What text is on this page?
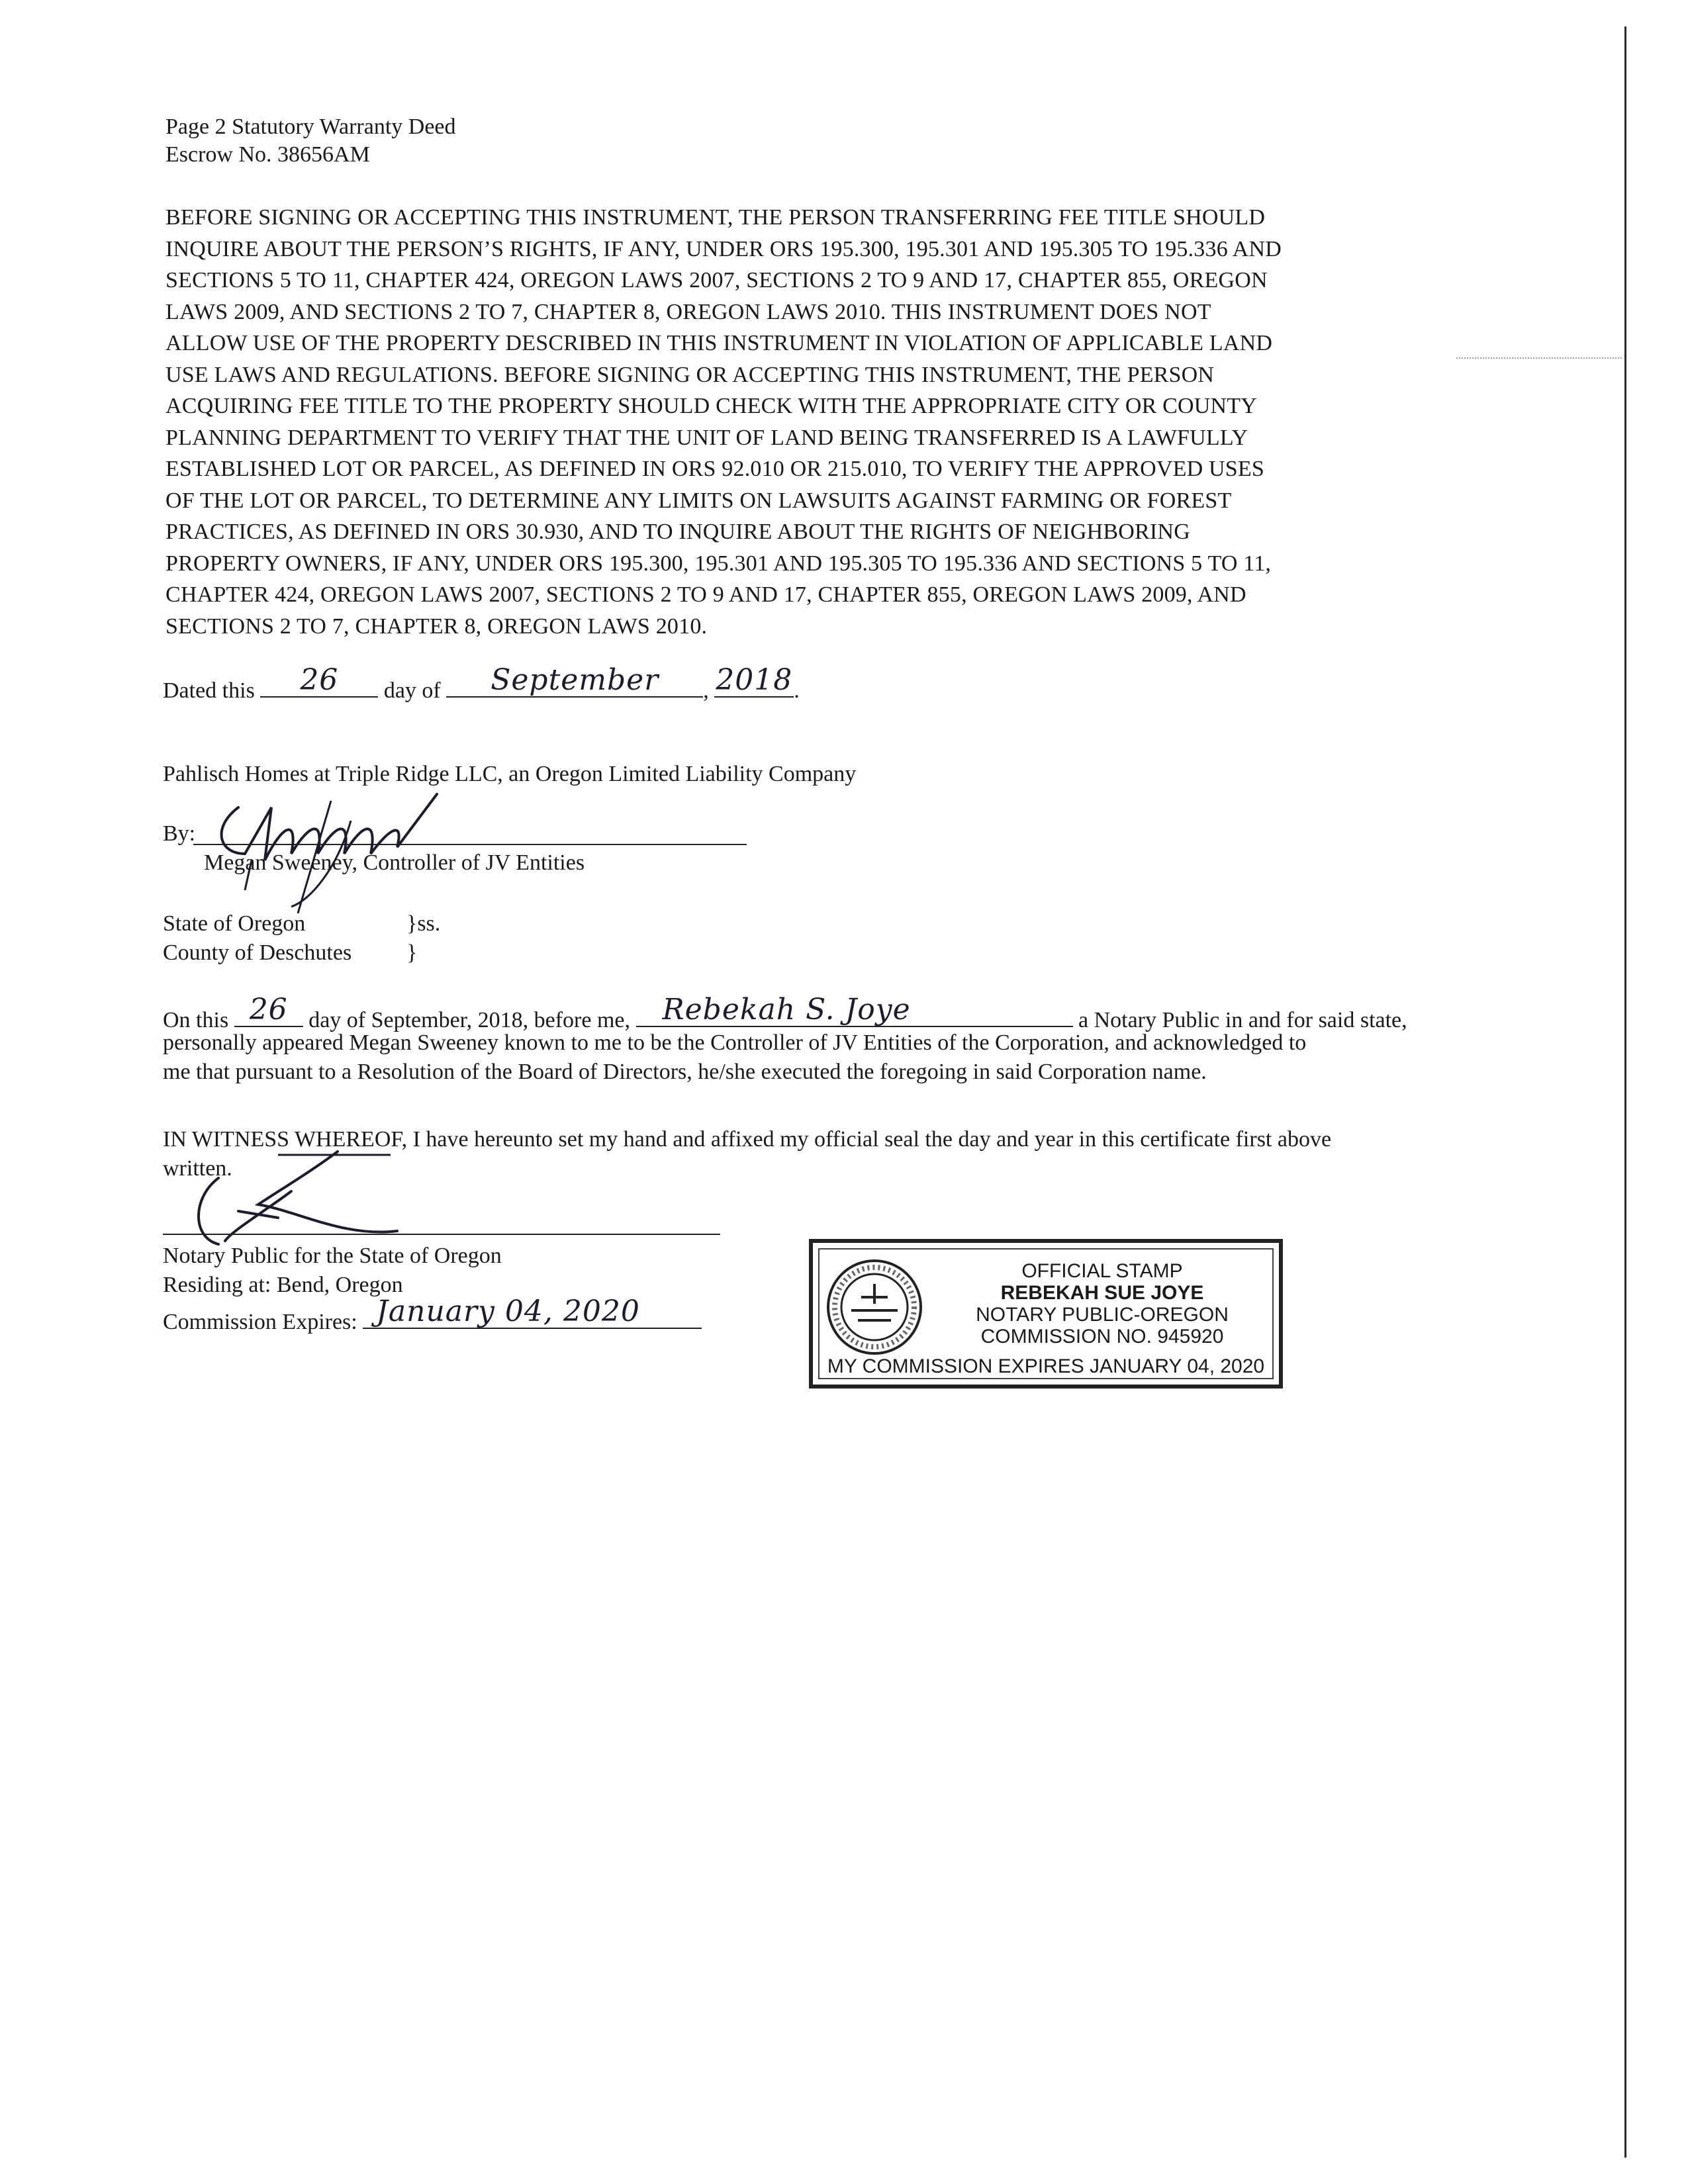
Page 2 Statutory Warranty Deed
Escrow No. 38656AM
BEFORE SIGNING OR ACCEPTING THIS INSTRUMENT, THE PERSON TRANSFERRING FEE TITLE SHOULD
INQUIRE ABOUT THE PERSON’S RIGHTS, IF ANY, UNDER ORS 195.300, 195.301 AND 195.305 TO 195.336 AND
SECTIONS 5 TO 11, CHAPTER 424, OREGON LAWS 2007, SECTIONS 2 TO 9 AND 17, CHAPTER 855, OREGON
LAWS 2009, AND SECTIONS 2 TO 7, CHAPTER 8, OREGON LAWS 2010. THIS INSTRUMENT DOES NOT
ALLOW USE OF THE PROPERTY DESCRIBED IN THIS INSTRUMENT IN VIOLATION OF APPLICABLE LAND
USE LAWS AND REGULATIONS. BEFORE SIGNING OR ACCEPTING THIS INSTRUMENT, THE PERSON
ACQUIRING FEE TITLE TO THE PROPERTY SHOULD CHECK WITH THE APPROPRIATE CITY OR COUNTY
PLANNING DEPARTMENT TO VERIFY THAT THE UNIT OF LAND BEING TRANSFERRED IS A LAWFULLY
ESTABLISHED LOT OR PARCEL, AS DEFINED IN ORS 92.010 OR 215.010, TO VERIFY THE APPROVED USES
OF THE LOT OR PARCEL, TO DETERMINE ANY LIMITS ON LAWSUITS AGAINST FARMING OR FOREST
PRACTICES, AS DEFINED IN ORS 30.930, AND TO INQUIRE ABOUT THE RIGHTS OF NEIGHBORING
PROPERTY OWNERS, IF ANY, UNDER ORS 195.300, 195.301 AND 195.305 TO 195.336 AND SECTIONS 5 TO 11,
CHAPTER 424, OREGON LAWS 2007, SECTIONS 2 TO 9 AND 17, CHAPTER 855, OREGON LAWS 2009, AND
SECTIONS 2 TO 7, CHAPTER 8, OREGON LAWS 2010.
Dated this	26	day of	September	, 2018 .
Pahlisch Homes at Triple Ridge LLC, an Oregon Limited Liability Company
By:
Megan Sweeney, Controller of JV Entities
State of Oregon	}ss.
County of Deschutes }
On this 26 day of September, 2018, before me, Rebekah S. Joye	a Notary Public in and for said state,
personally appeared Megan Sweeney known to me to be the Controller of JV Entities of the Corporation, and acknowledged to
me that pursuant to a Resolution of the Board of Directors, he/she executed the foregoing in said Corporation name.
IN WITNESS WHEREOF, I have hereunto set my hand and affixed my official seal the day and year in this certificate first above
written.
Notary Public for the State of Oregon
Residing at: Bend, Oregon
Commission Expires: January 04, 2020
OFFICIAL STAMP
REBEKAH SUE JOYE
NOTARY PUBLIC-OREGON
COMMISSION NO. 945920
MY COMMISSION EXPIRES JANUARY 04, 2020
